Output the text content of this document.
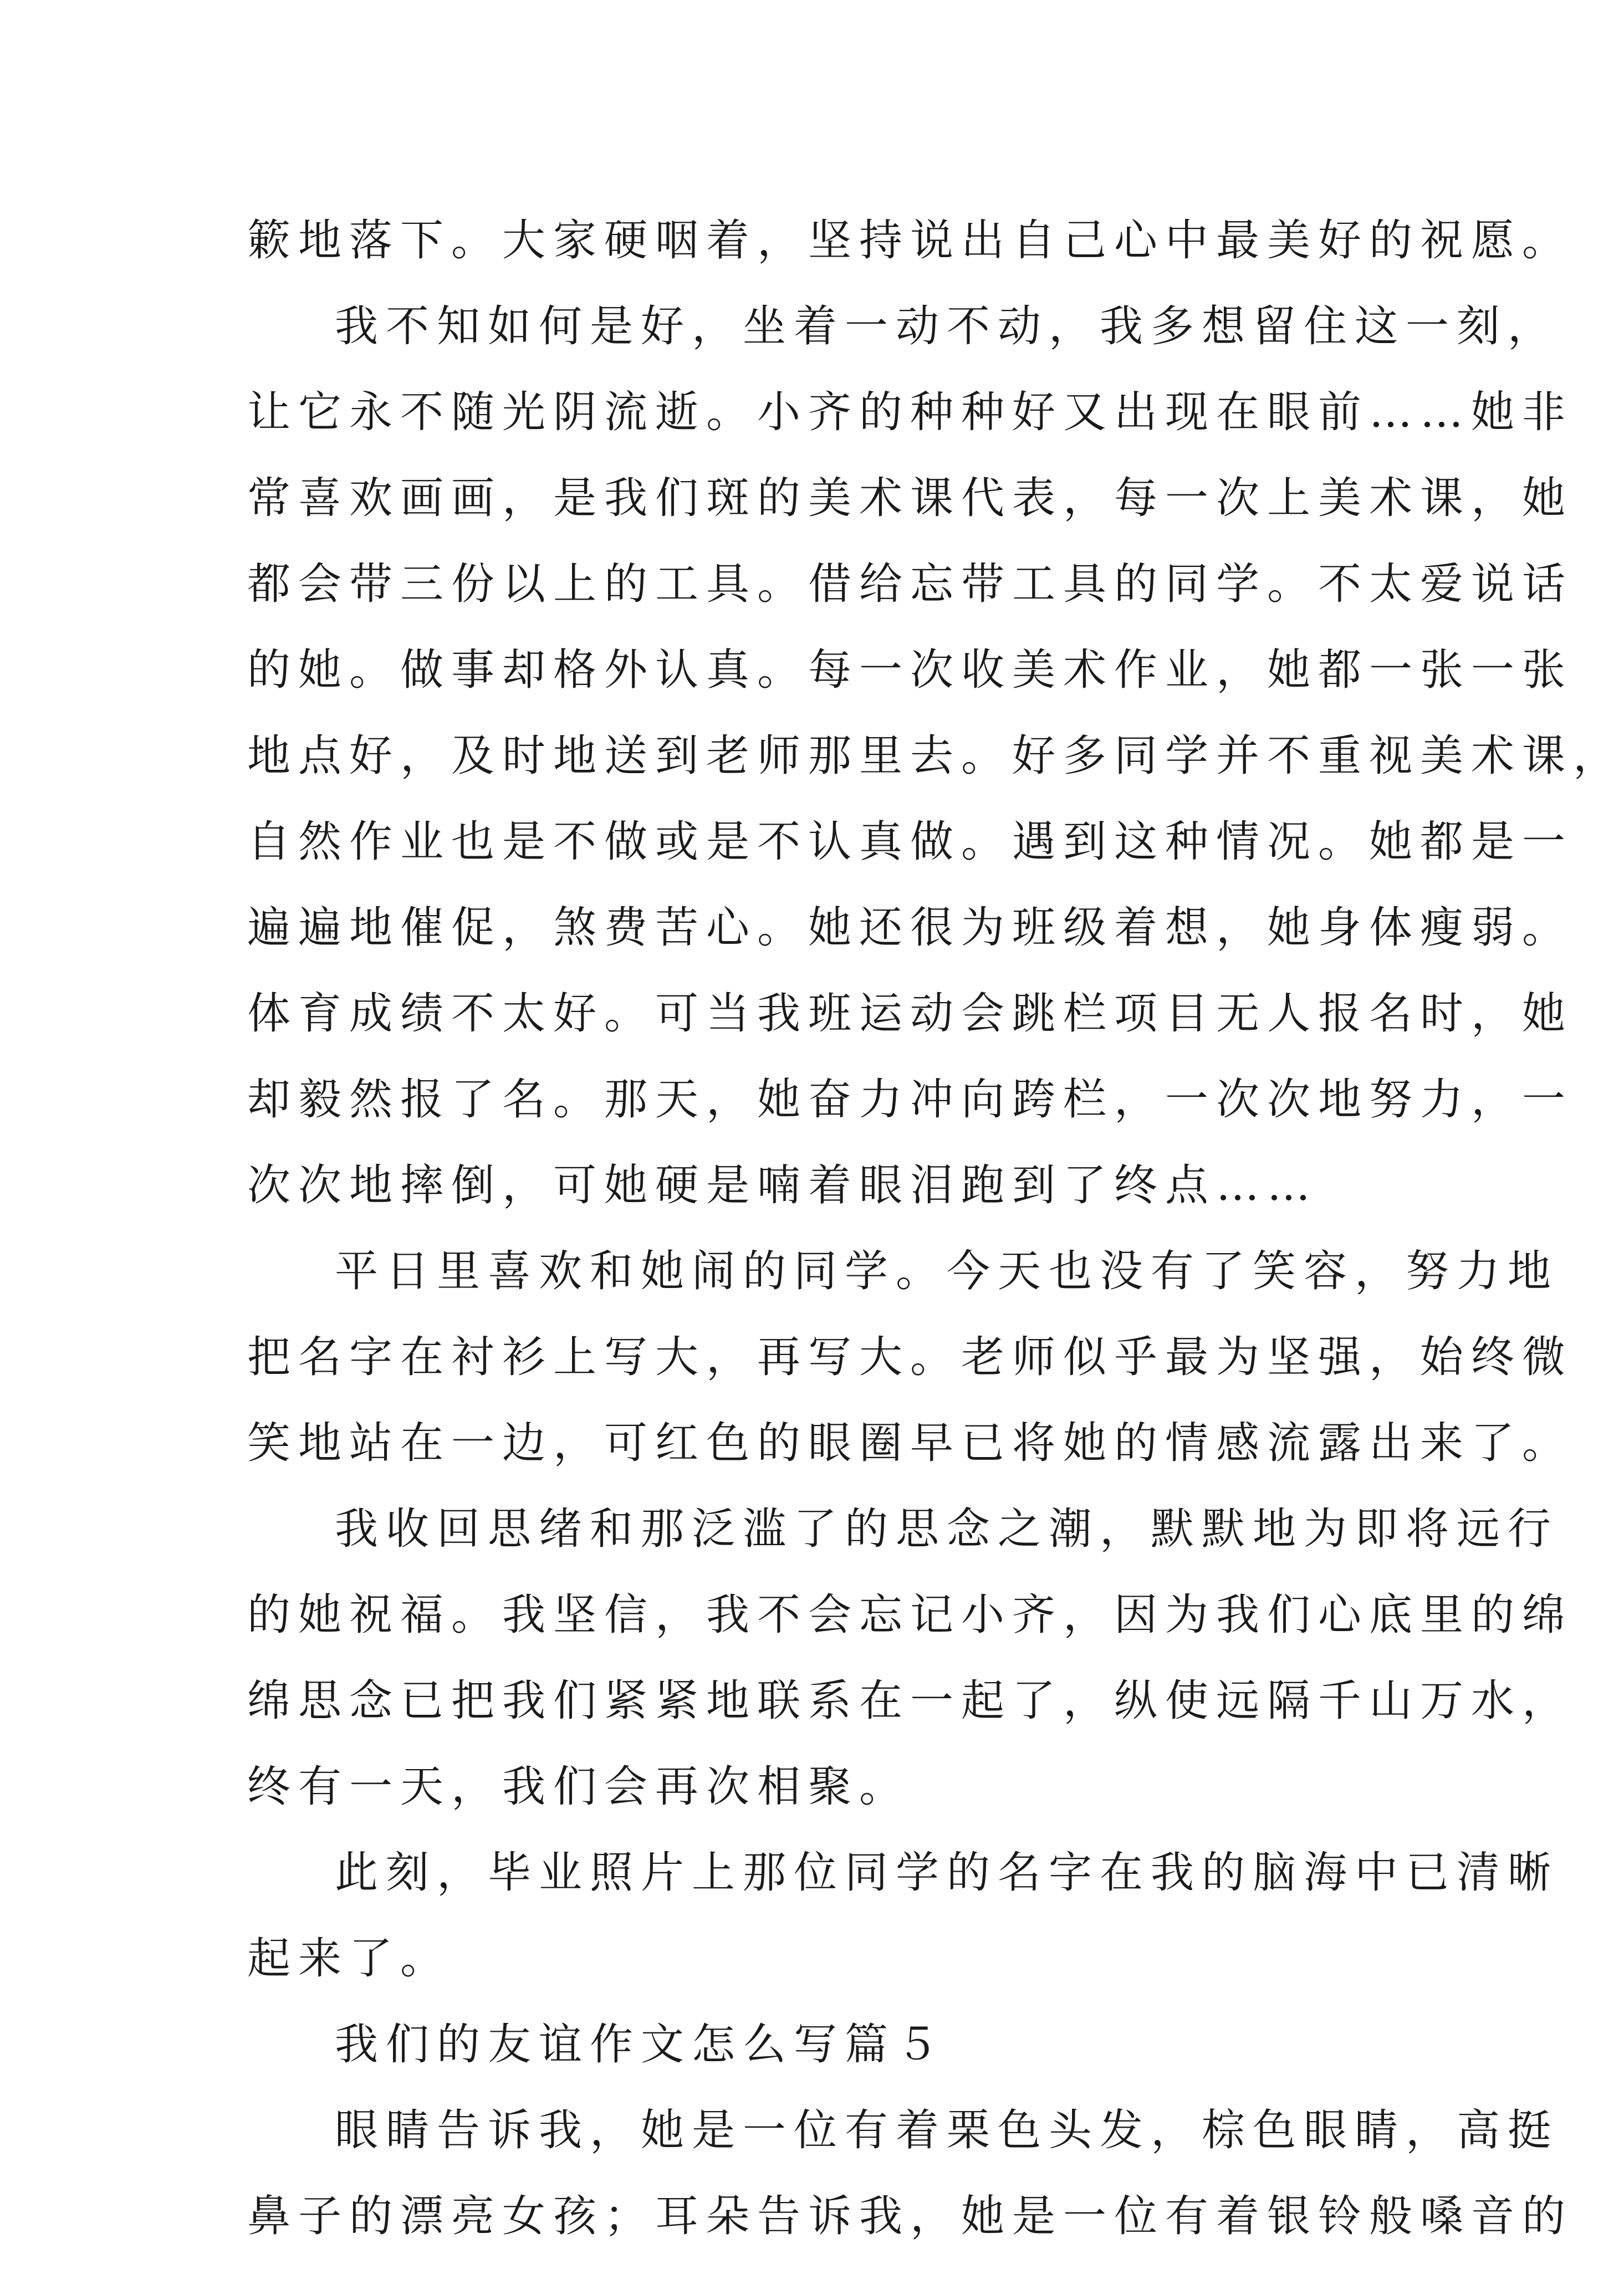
簌地落下。大家硬咽着，坚持说出自己心中最美好的祝愿。
我不知如何是好，坐着一动不动，我多想留住这一刻，
让它永不随光阴流逝。小齐的种种好又出现在眼前……她非
常喜欢画画，是我们斑的美术课代表，每一次上美术课，她
都会带三份以上的工具。借给忘带工具的同学。不太爱说话
的她。做事却格外认真。每一次收美术作业，她都一张一张
地点好，及时地送到老师那里去。好多同学并不重视美术课，
自然作业也是不做或是不认真做。遇到这种情况。她都是一
遍遍地催促，煞费苦心。她还很为班级着想，她身体瘦弱。
体育成绩不太好。可当我班运动会跳栏项目无人报名时，她
却毅然报了名。那天，她奋力冲向跨栏，一次次地努力，一
次次地摔倒，可她硬是喃着眼泪跑到了终点……
平日里喜欢和她闹的同学。今天也没有了笑容，努力地
把名字在衬衫上写大，再写大。老师似乎最为坚强，始终微
笑地站在一边，可红色的眼圈早已将她的情感流露出来了。
我收回思绪和那泛滥了的思念之潮，默默地为即将远行
的她祝福。我坚信，我不会忘记小齐，因为我们心底里的绵
绵思念已把我们紧紧地联系在一起了，纵使远隔千山万水，
终有一天，我们会再次相聚。
此刻，毕业照片上那位同学的名字在我的脑海中已清晰
起来了。
我们的友谊作文怎么写篇５
眼睛告诉我，她是一位有着栗色头发，棕色眼睛，高挺
鼻子的漂亮女孩；耳朵告诉我，她是一位有着银铃般嗓音的
